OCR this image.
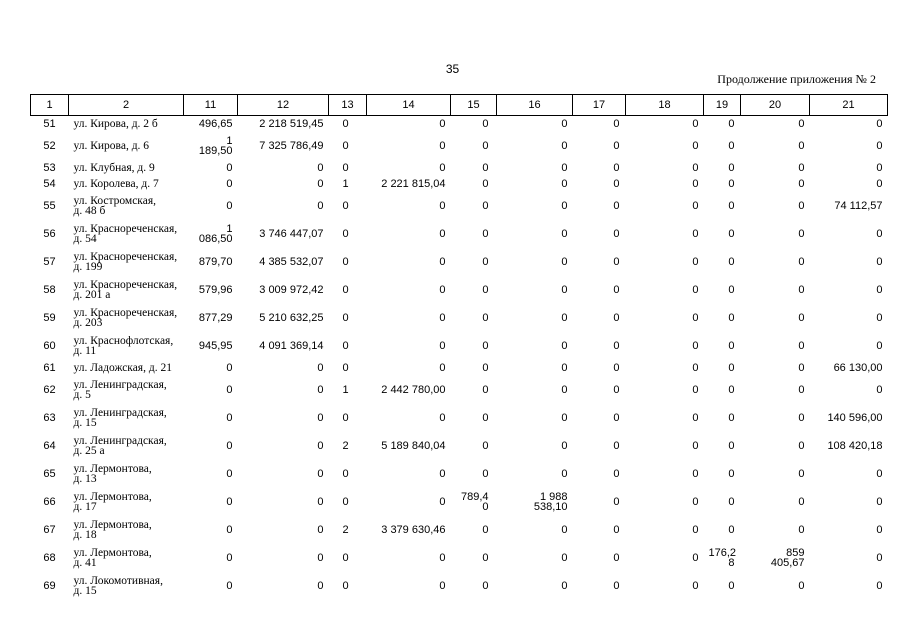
35
Продолжение приложения № 2
1	2	11	12	13	14	15	16	17	18	19	20	21
51	ул. Кирова, д. 2 б	496,65	2 218 519,45	0	0	0	0	0	0	0	0	0
52	ул. Кирова, д. 6	1
189,50	7 325 786,49	0	0	0	0	0	0	0	0	0
53	ул. Клубная, д. 9	0	0	0	0	0	0	0	0	0	0	0
54	ул. Королева, д. 7	0	0	1	2 221 815,04	0	0	0	0	0	0	0
55	ул. Костромская,
д. 48 б	0	0	0	0	0	0	0	0	0	0	74 112,57
56	ул. Краснореченская,
д. 54	1
086,50	3 746 447,07	0	0	0	0	0	0	0	0	0
57	ул. Краснореченская,
д. 199	879,70	4 385 532,07	0	0	0	0	0	0	0	0	0
58	ул. Краснореченская,
д. 201 а	579,96	3 009 972,42	0	0	0	0	0	0	0	0	0
59	ул. Краснореченская,
д. 203	877,29	5 210 632,25	0	0	0	0	0	0	0	0	0
60	ул. Краснофлотская,
д. 11	945,95	4 091 369,14	0	0	0	0	0	0	0	0	0
61	ул. Ладожская, д. 21	0	0	0	0	0	0	0	0	0	0	66 130,00
62	ул. Ленинградская,
д. 5	0	0	1	2 442 780,00	0	0	0	0	0	0	0
63	ул. Ленинградская,
д. 15	0	0	0	0	0	0	0	0	0	0	140 596,00
64	ул. Ленинградская,
д. 25 а	0	0	2	5 189 840,04	0	0	0	0	0	0	108 420,18
65	ул. Лермонтова,
д. 13	0	0	0	0	0	0	0	0	0	0	0
66	ул. Лермонтова,
д. 17	0	0	0	0	789,4
0	1 988
538,10	0	0	0	0	0
67	ул. Лермонтова,
д. 18	0	0	2	3 379 630,46	0	0	0	0	0	0	0
68	ул. Лермонтова,
д. 41	0	0	0	0	0	0	0	0	176,2
8	859
405,67	0
69	ул. Локомотивная,
д. 15	0	0	0	0	0	0	0	0	0	0	0
